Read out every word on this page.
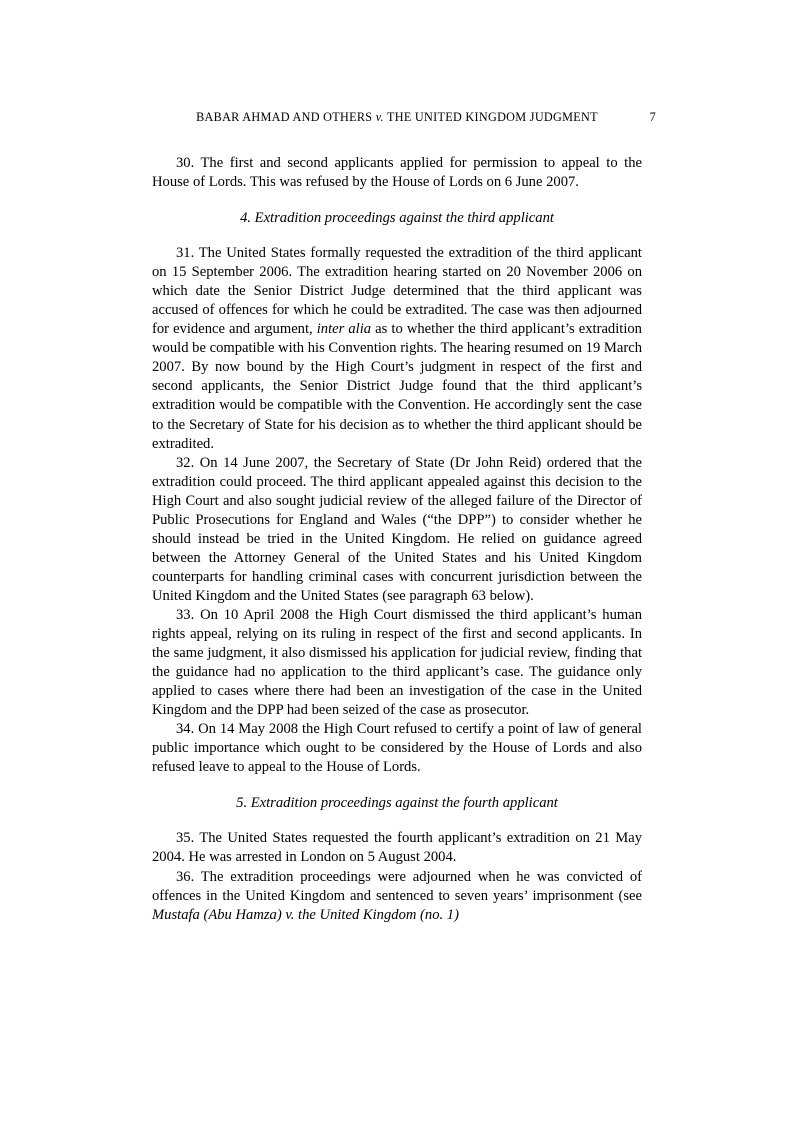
BABAR AHMAD AND OTHERS v. THE UNITED KINGDOM JUDGMENT	7

30. The first and second applicants applied for permission to appeal to the House of Lords. This was refused by the House of Lords on 6 June 2007.

4. Extradition proceedings against the third applicant

31. The United States formally requested the extradition of the third applicant on 15 September 2006. The extradition hearing started on 20 November 2006 on which date the Senior District Judge determined that the third applicant was accused of offences for which he could be extradited. The case was then adjourned for evidence and argument, inter alia as to whether the third applicant’s extradition would be compatible with his Convention rights. The hearing resumed on 19 March 2007. By now bound by the High Court’s judgment in respect of the first and second applicants, the Senior District Judge found that the third applicant’s extradition would be compatible with the Convention. He accordingly sent the case to the Secretary of State for his decision as to whether the third applicant should be extradited.

32. On 14 June 2007, the Secretary of State (Dr John Reid) ordered that the extradition could proceed. The third applicant appealed against this decision to the High Court and also sought judicial review of the alleged failure of the Director of Public Prosecutions for England and Wales (“the DPP”) to consider whether he should instead be tried in the United Kingdom. He relied on guidance agreed between the Attorney General of the United States and his United Kingdom counterparts for handling criminal cases with concurrent jurisdiction between the United Kingdom and the United States (see paragraph 63 below).

33. On 10 April 2008 the High Court dismissed the third applicant’s human rights appeal, relying on its ruling in respect of the first and second applicants. In the same judgment, it also dismissed his application for judicial review, finding that the guidance had no application to the third applicant’s case. The guidance only applied to cases where there had been an investigation of the case in the United Kingdom and the DPP had been seized of the case as prosecutor.

34. On 14 May 2008 the High Court refused to certify a point of law of general public importance which ought to be considered by the House of Lords and also refused leave to appeal to the House of Lords.

5. Extradition proceedings against the fourth applicant

35. The United States requested the fourth applicant’s extradition on 21 May 2004. He was arrested in London on 5 August 2004.

36. The extradition proceedings were adjourned when he was convicted of offences in the United Kingdom and sentenced to seven years’ imprisonment (see Mustafa (Abu Hamza) v. the United Kingdom (no. 1)
